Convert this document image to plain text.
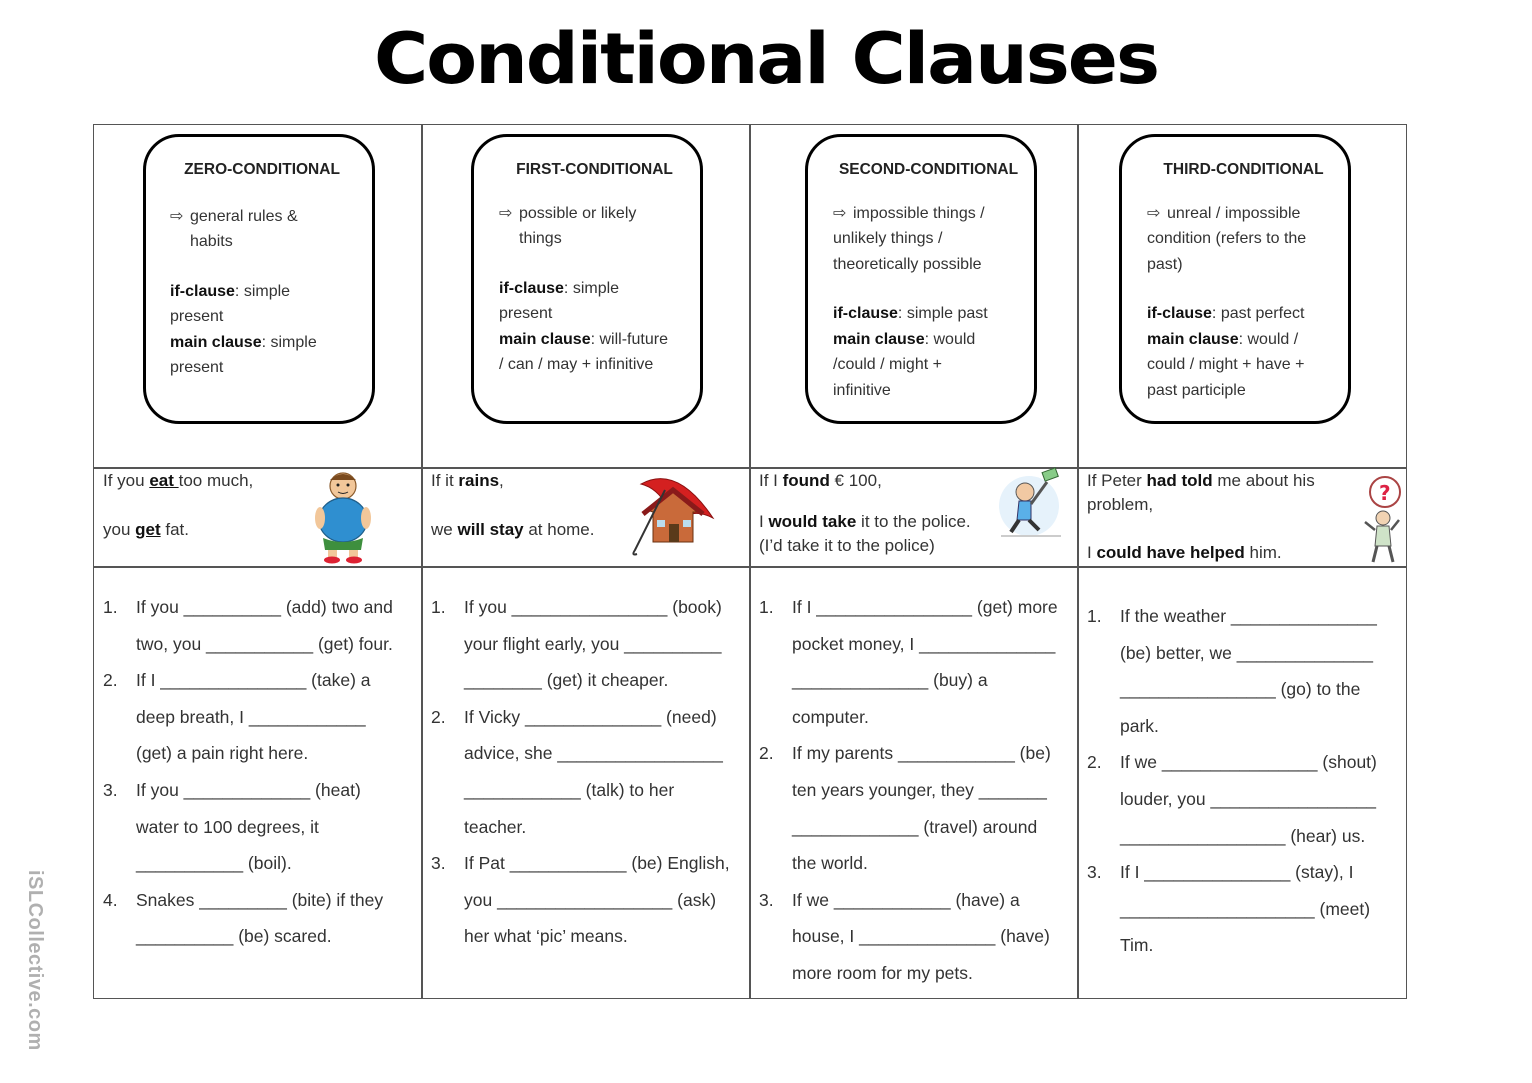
Conditional Clauses
ZERO-CONDITIONAL
⇨ general rules &
habits
if-clause: simple
present
main clause: simple
present
FIRST-CONDITIONAL
⇨ possible or likely
things
if-clause: simple
present
main clause: will-future
/ can / may + infinitive
SECOND-CONDITIONAL
⇨ impossible things /
unlikely things /
theoretically possible
if-clause: simple past
main clause: would
/could / might +
infinitive
THIRD-CONDITIONAL
⇨ unreal / impossible
condition (refers to the
past)
if-clause: past perfect
main clause: would /
could / might + have +
past participle
If you eat too much,
you get fat.
If it rains,
we will stay at home.
If I found € 100,
I would take it to the police.
(I’d take it to the police)
If Peter had told me about his
problem,
I could have helped him.
?
1.	If you __________ (add) two and
two, you ___________ (get) four.
2.	If I _______________ (take) a
deep breath, I ____________
(get) a pain right here.
3.	If you _____________ (heat)
water to 100 degrees, it
___________ (boil).
4.	Snakes _________ (bite) if they
__________ (be) scared.
1.	If you ________________ (book)
your flight early, you __________
________ (get) it cheaper.
2.	If Vicky ______________ (need)
advice, she _________________
____________ (talk) to her
teacher.
3.	If Pat ____________ (be) English,
you __________________ (ask)
her what ‘pic’ means.
1.	If I ________________ (get) more
pocket money, I ______________
______________ (buy) a
computer.
2.	If my parents ____________ (be)
ten years younger, they _______
_____________ (travel) around
the world.
3.	If we ____________ (have) a
house, I ______________ (have)
more room for my pets.
1.	If the weather _______________
(be) better, we ______________
________________ (go) to the
park.
2.	If we ________________ (shout)
louder, you _________________
_________________ (hear) us.
3.	If I _______________ (stay), I
____________________ (meet)
Tim.
iSLCollective.com
